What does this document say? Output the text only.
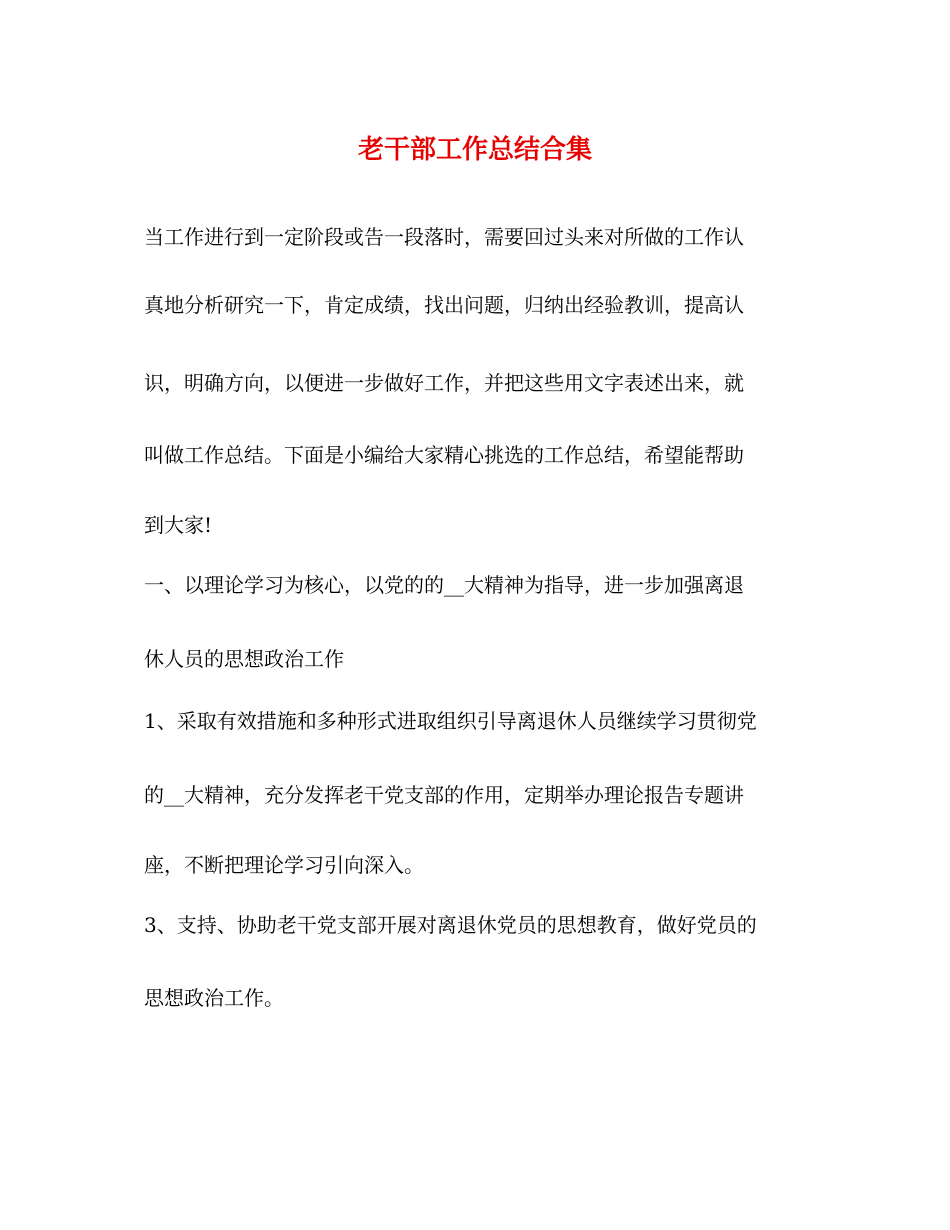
老干部工作总结合集

当工作进行到一定阶段或告一段落时，需要回过头来对所做的工作认

真地分析研究一下，肯定成绩，找出问题，归纳出经验教训，提高认

识，明确方向，以便进一步做好工作，并把这些用文字表述出来，就

叫做工作总结。下面是小编给大家精心挑选的工作总结，希望能帮助

到大家!

一、以理论学习为核心，以党的的__大精神为指导，进一步加强离退

休人员的思想政治工作

1、采取有效措施和多种形式进取组织引导离退休人员继续学习贯彻党

的__大精神，充分发挥老干党支部的作用，定期举办理论报告专题讲

座，不断把理论学习引向深入。

3、支持、协助老干党支部开展对离退休党员的思想教育，做好党员的

思想政治工作。
